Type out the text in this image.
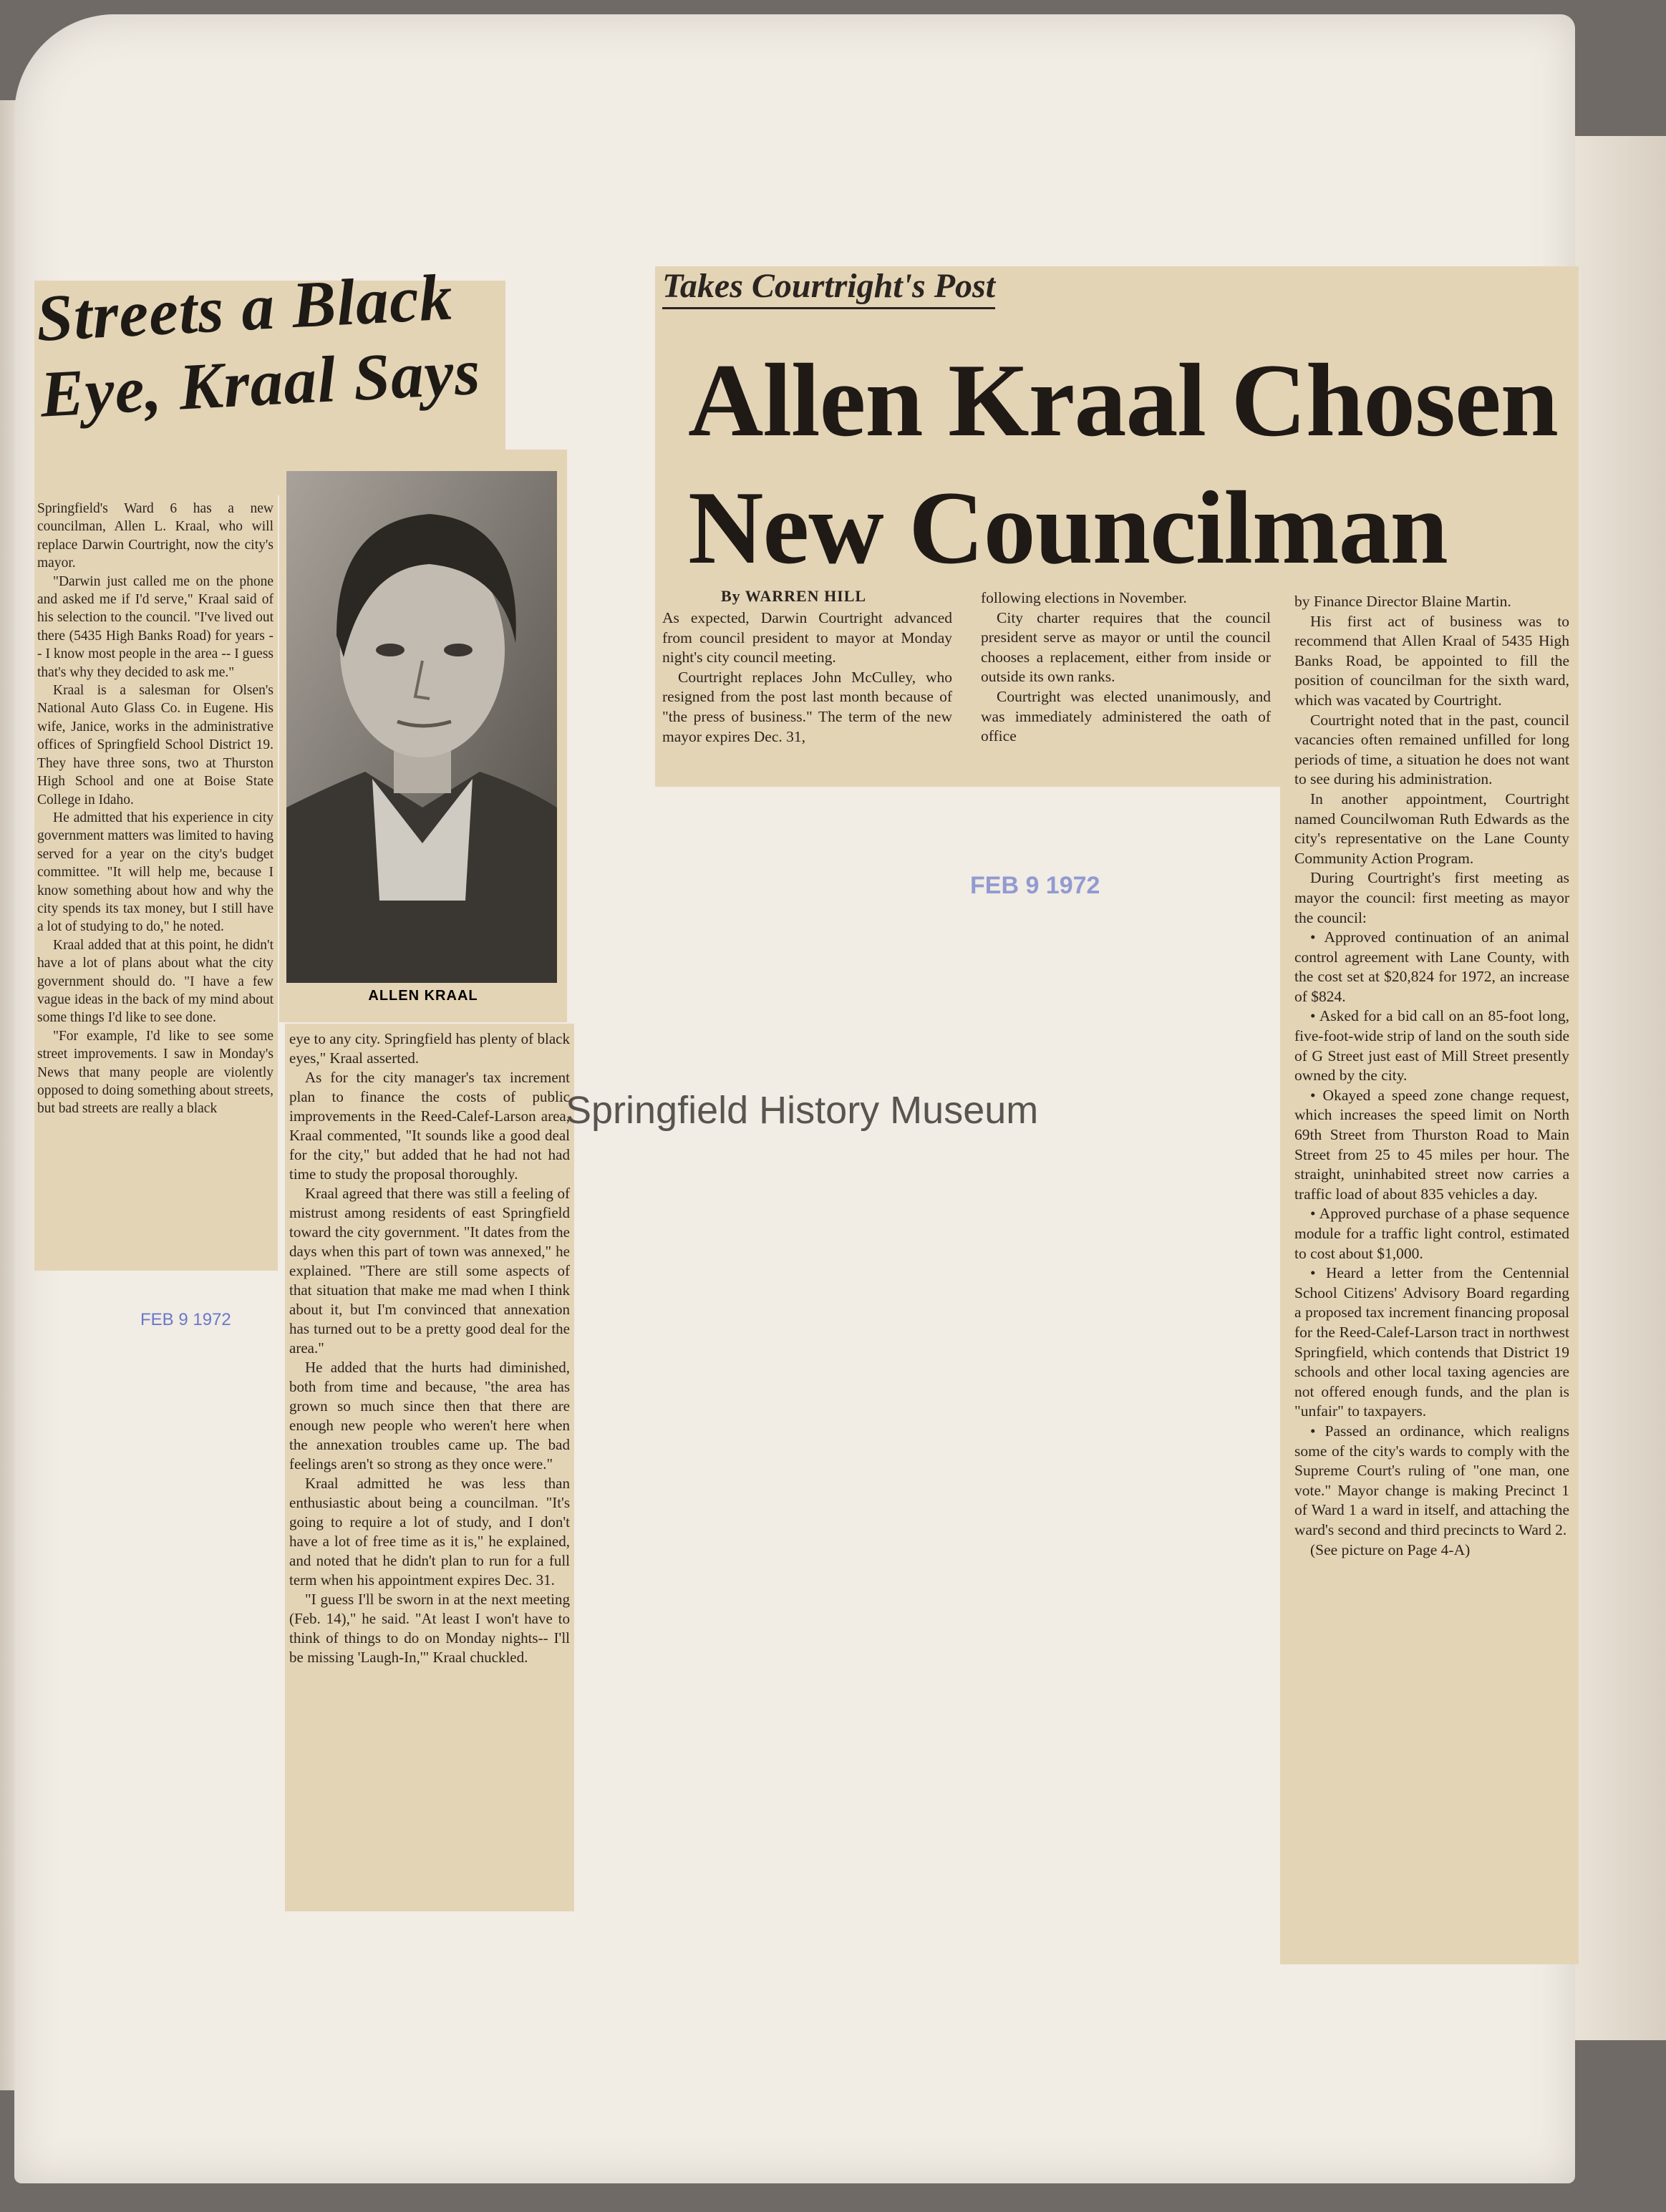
Streets a Black Eye, Kraal Says

Springfield's Ward 6 has a new councilman, Allen L. Kraal, who will replace Darwin Courtright, now the city's mayor.

"Darwin just called me on the phone and asked me if I'd serve," Kraal said of his selection to the council. "I've lived out there (5435 High Banks Road) for years -- I know most people in the area -- I guess that's why they decided to ask me."

Kraal is a salesman for Olsen's National Auto Glass Co. in Eugene. His wife, Janice, works in the administrative offices of Springfield School District 19. They have three sons, two at Thurston High School and one at Boise State College in Idaho.

He admitted that his experience in city government matters was limited to having served for a year on the city's budget committee. "It will help me, because I know something about how and why the city spends its tax money, but I still have a lot of studying to do," he noted.

Kraal added that at this point, he didn't have a lot of plans about what the city government should do. "I have a few vague ideas in the back of my mind about some things I'd like to see done.

"For example, I'd like to see some street improvements. I saw in Monday's News that many people are violently opposed to doing something about streets, but bad streets are really a black

ALLEN KRAAL

eye to any city. Springfield has plenty of black eyes," Kraal asserted.

As for the city manager's tax increment plan to finance the costs of public improvements in the Reed-Calef-Larson area, Kraal commented, "It sounds like a good deal for the city," but added that he had not had time to study the proposal thoroughly.

Kraal agreed that there was still a feeling of mistrust among residents of east Springfield toward the city government. "It dates from the days when this part of town was annexed," he explained. "There are still some aspects of that situation that make me mad when I think about it, but I'm convinced that annexation has turned out to be a pretty good deal for the area."

He added that the hurts had diminished, both from time and because, "the area has grown so much since then that there are enough new people who weren't here when the annexation troubles came up. The bad feelings aren't so strong as they once were."

Kraal admitted he was less than enthusiastic about being a councilman. "It's going to require a lot of study, and I don't have a lot of free time as it is," he explained, and noted that he didn't plan to run for a full term when his appointment expires Dec. 31.

"I guess I'll be sworn in at the next meeting (Feb. 14)," he said. "At least I won't have to think of things to do on Monday nights-- I'll be missing 'Laugh-In,'" Kraal chuckled.

FEB 9 1972
Takes Courtright's Post
Allen Kraal Chosen
New Councilman
By WARREN HILL

As expected, Darwin Courtright advanced from council president to mayor at Monday night's city council meeting.

Courtright replaces John McCulley, who resigned from the post last month because of "the press of business." The term of the new mayor expires Dec. 31,

following elections in November.

City charter requires that the council president serve as mayor or until the council chooses a replacement, either from inside or outside its own ranks.

Courtright was elected unanimously, and was immediately administered the oath of office

by Finance Director Blaine Martin.

His first act of business was to recommend that Allen Kraal of 5435 High Banks Road, be appointed to fill the position of councilman for the sixth ward, which was vacated by Courtright.

Courtright noted that in the past, council vacancies often remained unfilled for long periods of time, a situation he does not want to see during his administration.

In another appointment, Courtright named Councilwoman Ruth Edwards as the city's representative on the Lane County Community Action Program.

During Courtright's first meeting as mayor the council: first meeting as mayor the council:

• Approved continuation of an animal control agreement with Lane County, with the cost set at $20,824 for 1972, an increase of $824.

• Asked for a bid call on an 85-foot long, five-foot-wide strip of land on the south side of G Street just east of Mill Street presently owned by the city.

• Okayed a speed zone change request, which increases the speed limit on North 69th Street from Thurston Road to Main Street from 25 to 45 miles per hour. The straight, uninhabited street now carries a traffic load of about 835 vehicles a day.

• Approved purchase of a phase sequence module for a traffic light control, estimated to cost about $1,000.

• Heard a letter from the Centennial School Citizens' Advisory Board regarding a proposed tax increment financing proposal for the Reed-Calef-Larson tract in northwest Springfield, which contends that District 19 schools and other local taxing agencies are not offered enough funds, and the plan is "unfair" to taxpayers.

• Passed an ordinance, which realigns some of the city's wards to comply with the Supreme Court's ruling of "one man, one vote." Mayor change is making Precinct 1 of Ward 1 a ward in itself, and attaching the ward's second and third precincts to Ward 2.

(See picture on Page 4-A)

FEB 9 1972
Springfield History Museum
